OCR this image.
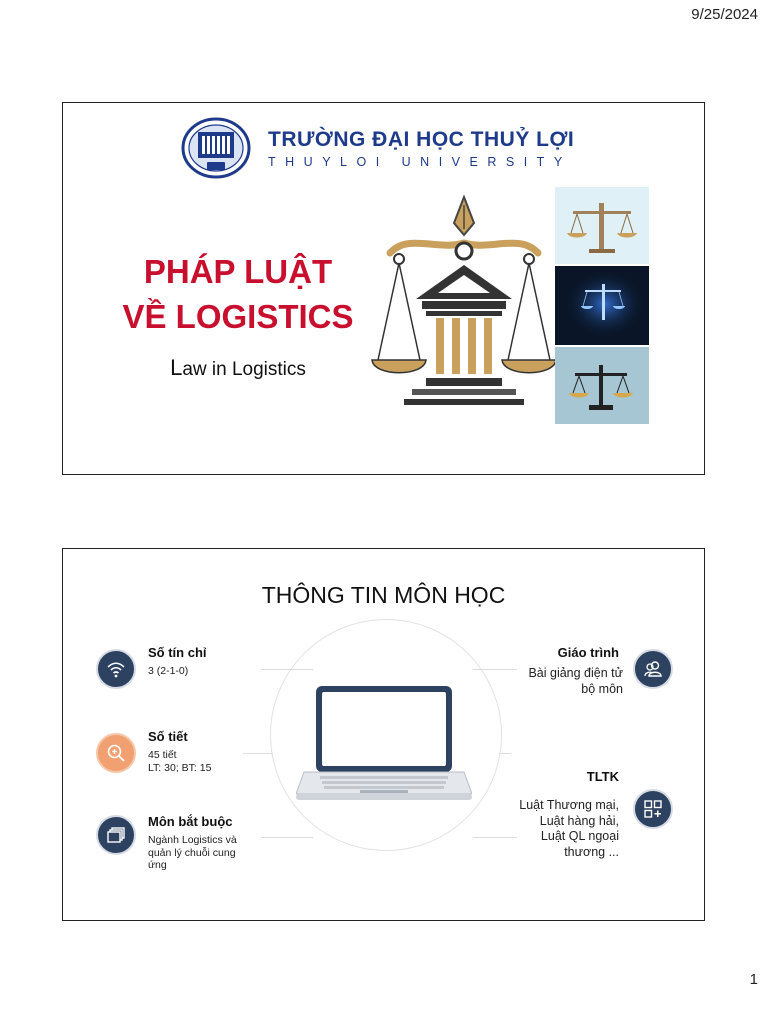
9/25/2024
TRƯỜNG ĐẠI HỌC THUỶ LỢI
THUYLOI UNIVERSITY
PHÁP LUẬT
VỀ LOGISTICS
Law in Logistics
THÔNG TIN MÔN HỌC
Số tín chỉ
3 (2-1-0)
Số tiết
45 tiết
LT: 30; BT: 15
Môn bắt buộc
Ngành Logistics và
quản lý chuỗi cung
ứng
Giáo trình
Bài giảng điện tử
bộ môn
TLTK
Luật Thương mại,
Luật hàng hải,
Luật QL ngoại
thương ...
1
